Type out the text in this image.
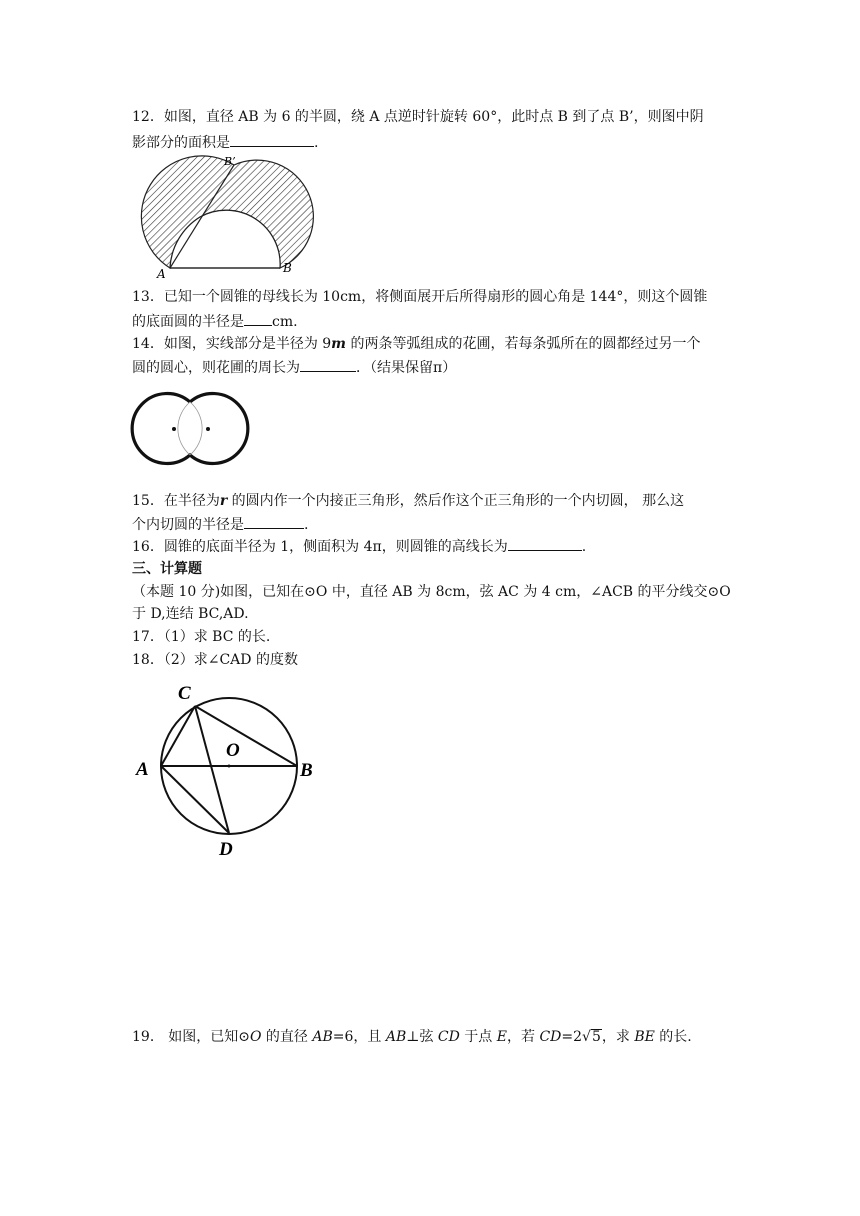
12．如图，直径 AB 为 6 的半圆，绕 A 点逆时针旋转 60°，此时点 B 到了点 B’，则图中阴
影部分的面积是	.
B’
A	B
13．已知一个圆锥的母线长为 10cm，将侧面展开后所得扇形的圆心角是 144°，则这个圆锥
的底面圆的半径是 cm.
14．如图，实线部分是半径为 9m 的两条等弧组成的花圃，若每条弧所在的圆都经过另一个
圆的圆心，则花圃的周长为	．（结果保留π）
15．在半径为r 的圆内作一个内接正三角形，然后作这个正三角形的一个内切圆， 那么这
个内切圆的半径是	.
16．圆锥的底面半径为 1，侧面积为 4π，则圆锥的高线长为	.
三、计算题
（本题 10 分)如图，已知在⊙O 中，直径 AB 为 8cm，弦 AC 为 4 cm，∠ACB 的平分线交⊙O
于 D,连结 BC,AD.
17．（1）求 BC 的长.
18．（2）求∠CAD 的度数
C
O
A	B
D
19． 如图，已知⊙O 的直径 AB=6，且 AB⊥弦 CD 于点 E，若 CD=2√5，求 BE 的长.
